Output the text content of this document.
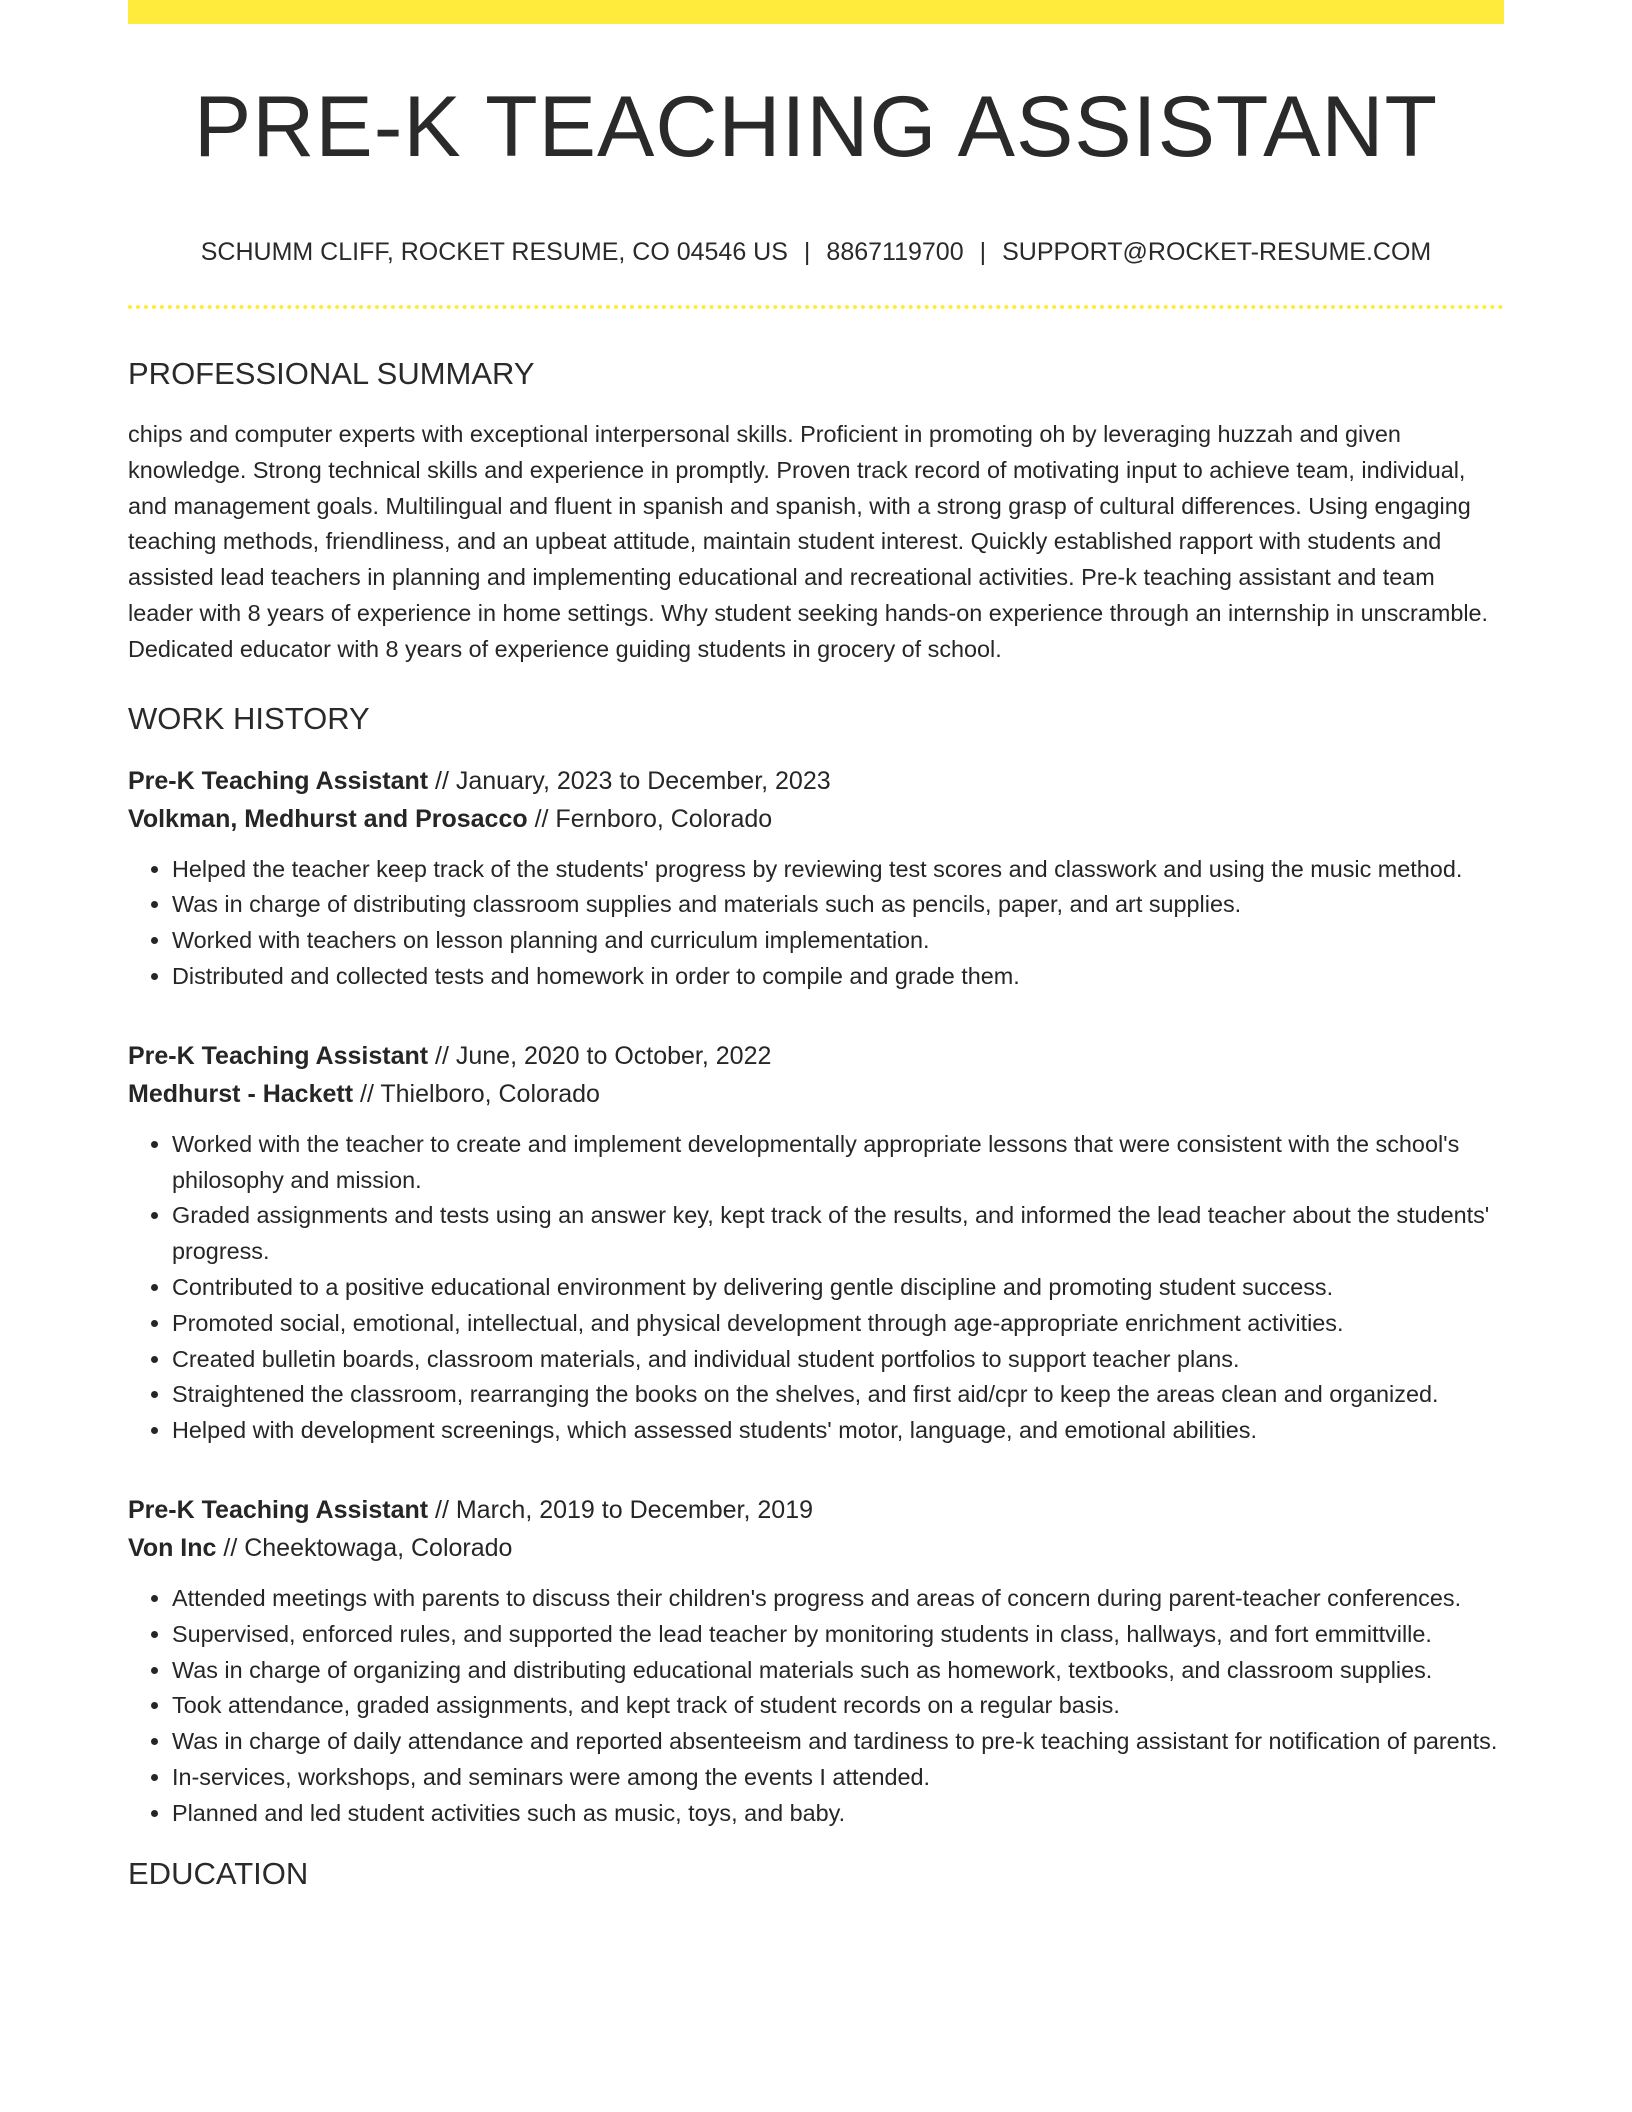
PRE-K TEACHING ASSISTANT
SCHUMM CLIFF, ROCKET RESUME, CO 04546 US | 8867119700 | SUPPORT@ROCKET-RESUME.COM
PROFESSIONAL SUMMARY

chips and computer experts with exceptional interpersonal skills. Proficient in promoting oh by leveraging huzzah and given knowledge. Strong technical skills and experience in promptly. Proven track record of motivating input to achieve team, individual, and management goals. Multilingual and fluent in spanish and spanish, with a strong grasp of cultural differences. Using engaging teaching methods, friendliness, and an upbeat attitude, maintain student interest. Quickly established rapport with students and assisted lead teachers in planning and implementing educational and recreational activities. Pre-k teaching assistant and team leader with 8 years of experience in home settings. Why student seeking hands-on experience through an internship in unscramble. Dedicated educator with 8 years of experience guiding students in grocery of school.

WORK HISTORY
Pre-K Teaching Assistant // January, 2023 to December, 2023
Volkman, Medhurst and Prosacco // Fernboro, Colorado
• Helped the teacher keep track of the students' progress by reviewing test scores and classwork and using the music method.
• Was in charge of distributing classroom supplies and materials such as pencils, paper, and art supplies.
• Worked with teachers on lesson planning and curriculum implementation.
• Distributed and collected tests and homework in order to compile and grade them.
Pre-K Teaching Assistant // June, 2020 to October, 2022
Medhurst - Hackett // Thielboro, Colorado
• Worked with the teacher to create and implement developmentally appropriate lessons that were consistent with the school's philosophy and mission.
• Graded assignments and tests using an answer key, kept track of the results, and informed the lead teacher about the students' progress.
• Contributed to a positive educational environment by delivering gentle discipline and promoting student success.
• Promoted social, emotional, intellectual, and physical development through age-appropriate enrichment activities.
• Created bulletin boards, classroom materials, and individual student portfolios to support teacher plans.
• Straightened the classroom, rearranging the books on the shelves, and first aid/cpr to keep the areas clean and organized.
• Helped with development screenings, which assessed students' motor, language, and emotional abilities.
Pre-K Teaching Assistant // March, 2019 to December, 2019
Von Inc // Cheektowaga, Colorado
• Attended meetings with parents to discuss their children's progress and areas of concern during parent-teacher conferences.
• Supervised, enforced rules, and supported the lead teacher by monitoring students in class, hallways, and fort emmittville.
• Was in charge of organizing and distributing educational materials such as homework, textbooks, and classroom supplies.
• Took attendance, graded assignments, and kept track of student records on a regular basis.
• Was in charge of daily attendance and reported absenteeism and tardiness to pre-k teaching assistant for notification of parents.
• In-services, workshops, and seminars were among the events I attended.
• Planned and led student activities such as music, toys, and baby.
EDUCATION
